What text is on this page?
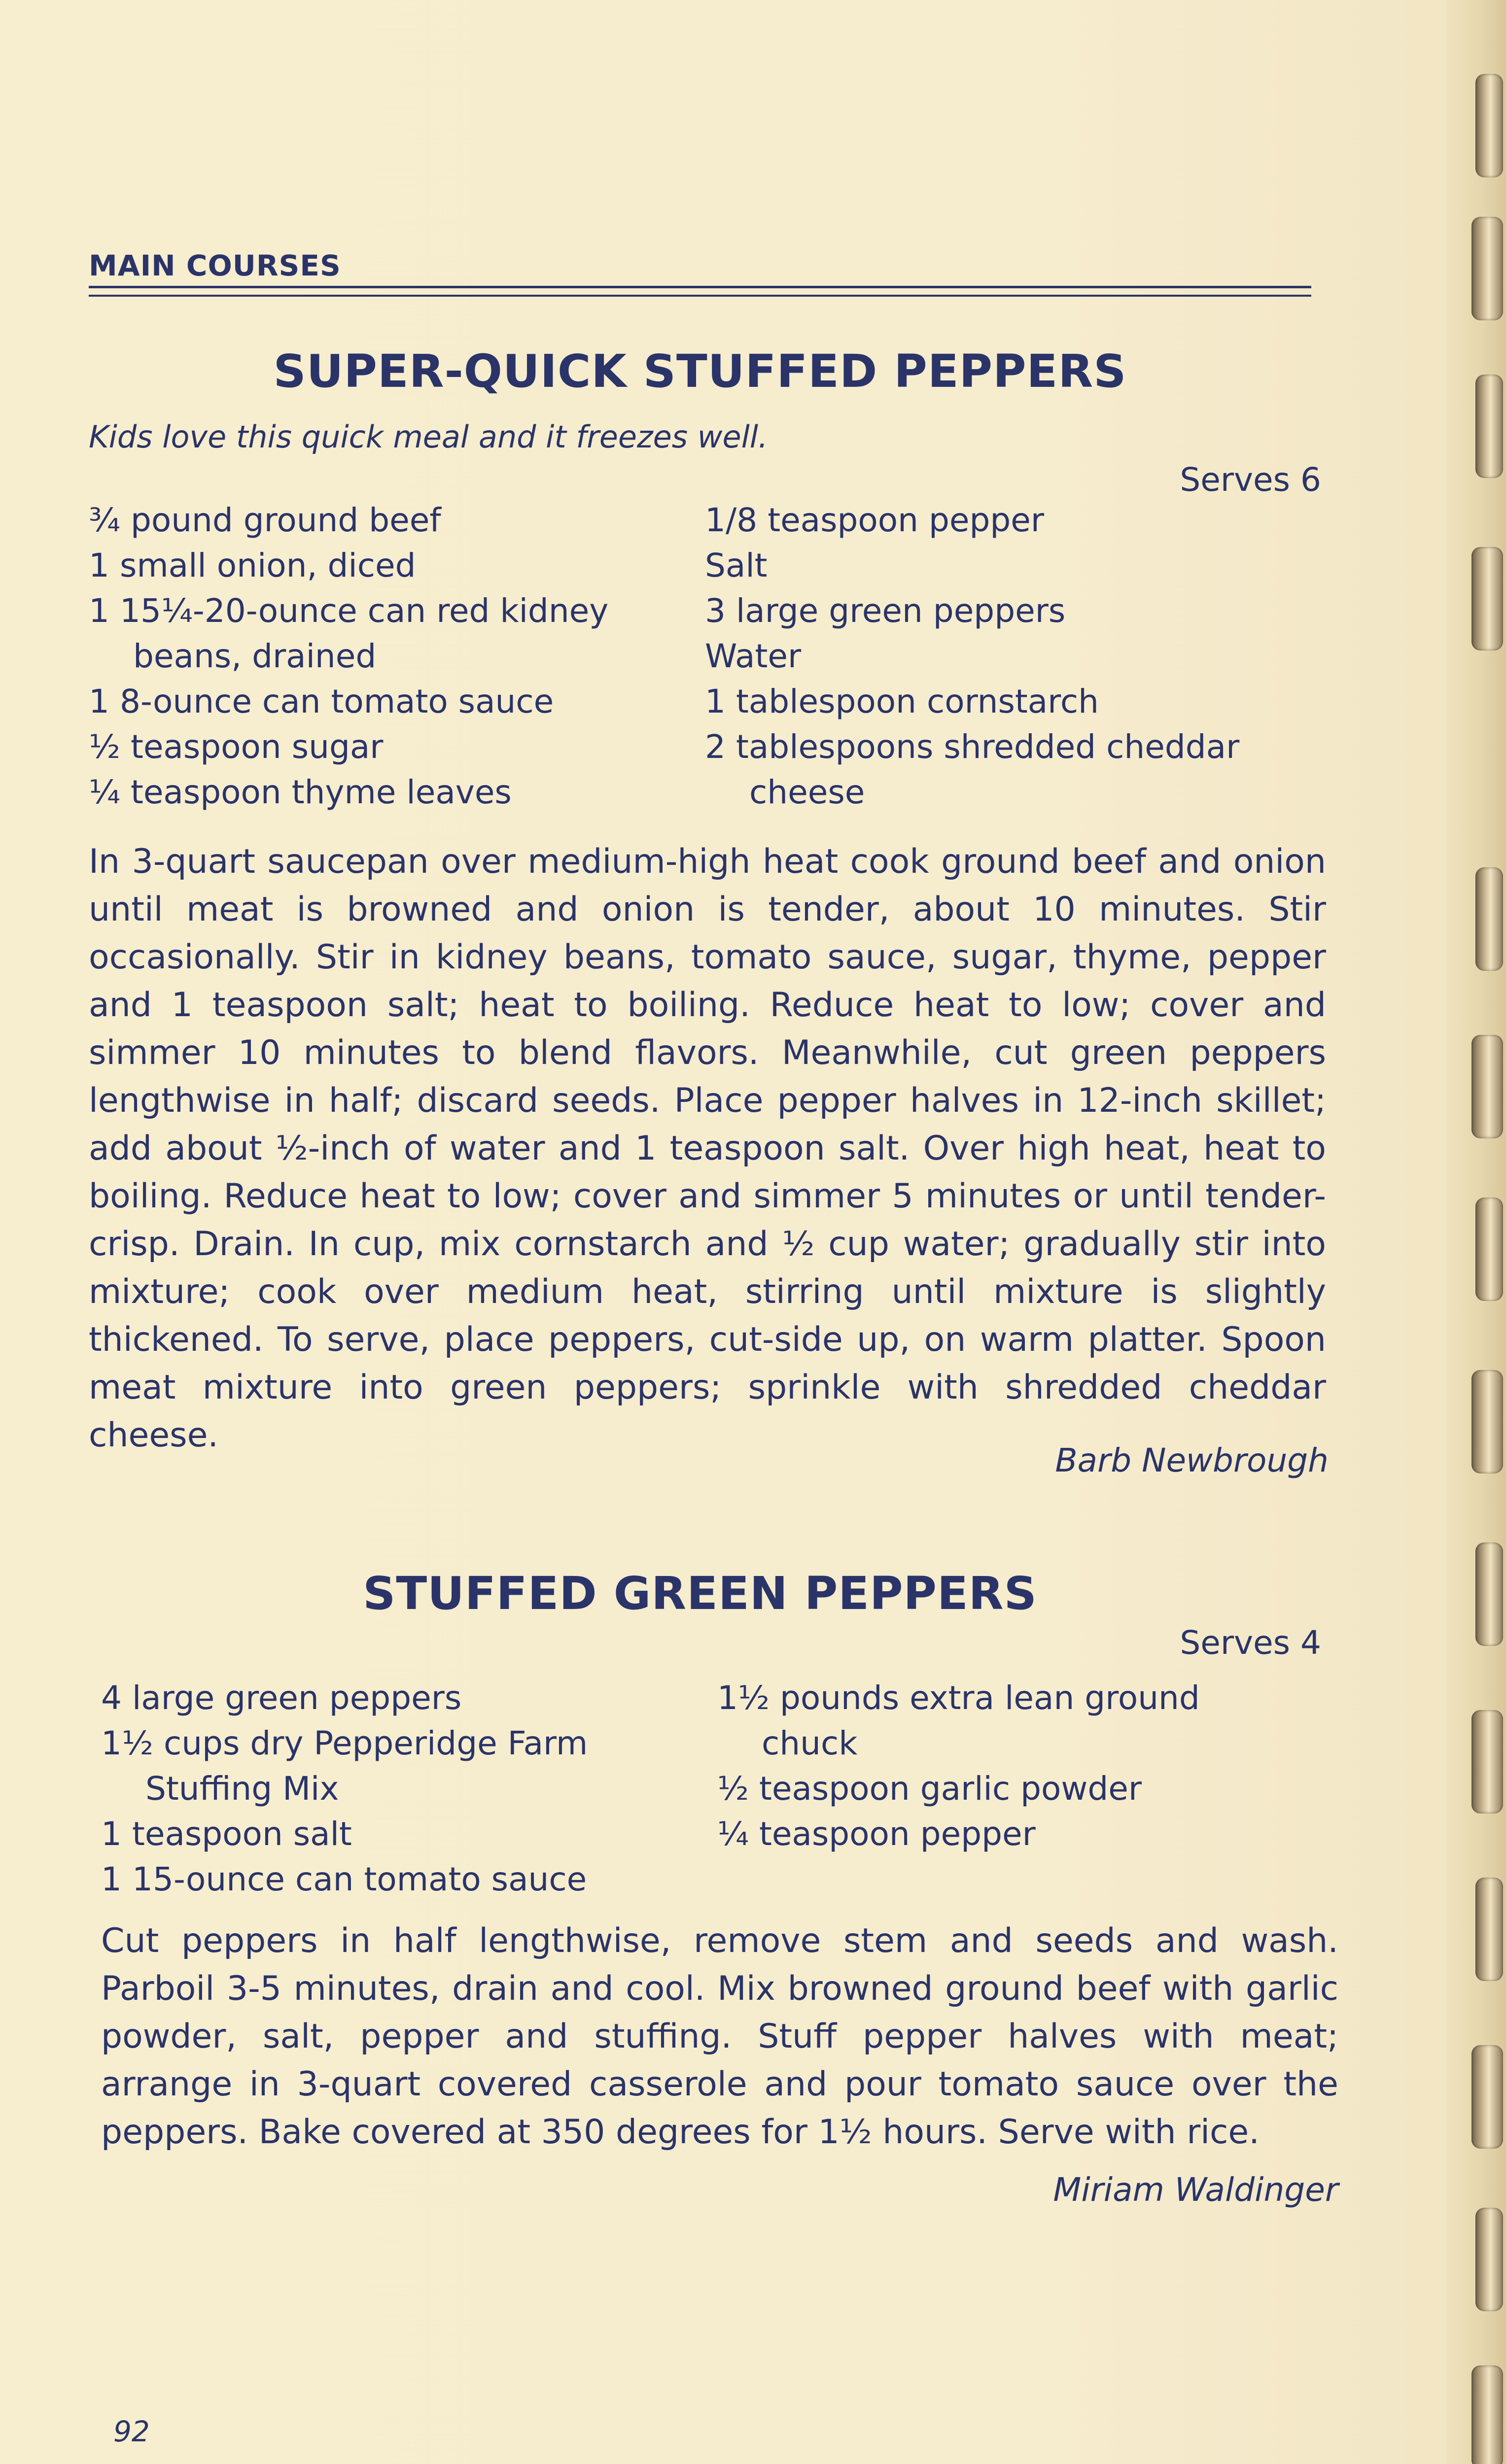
MAIN COURSES
SUPER-QUICK STUFFED PEPPERS
Kids love this quick meal and it freezes well.
Serves 6
¾ pound ground beef
1 small onion, diced
1 15¼-20-ounce can red kidney
beans, drained
1 8-ounce can tomato sauce
½ teaspoon sugar
¼ teaspoon thyme leaves
1/8 teaspoon pepper
Salt
3 large green peppers
Water
1 tablespoon cornstarch
2 tablespoons shredded cheddar
cheese
In 3-quart saucepan over medium-high heat cook ground beef and onion until meat is browned and onion is tender, about 10 minutes. Stir occasionally. Stir in kidney beans, tomato sauce, sugar, thyme, pepper and 1 teaspoon salt; heat to boiling. Reduce heat to low; cover and simmer 10 minutes to blend flavors. Meanwhile, cut green peppers lengthwise in half; discard seeds. Place pepper halves in 12-inch skillet; add about ½-inch of water and 1 teaspoon salt. Over high heat, heat to boiling. Reduce heat to low; cover and simmer 5 minutes or until tender-crisp. Drain. In cup, mix cornstarch and ½ cup water; gradually stir into mixture; cook over medium heat, stirring until mixture is slightly thickened. To serve, place peppers, cut-side up, on warm platter. Spoon meat mixture into green peppers; sprinkle with shredded cheddar cheese.
Barb Newbrough
STUFFED GREEN PEPPERS
Serves 4
4 large green peppers
1½ cups dry Pepperidge Farm
Stuffing Mix
1 teaspoon salt
1 15-ounce can tomato sauce
1½ pounds extra lean ground
chuck
½ teaspoon garlic powder
¼ teaspoon pepper
Cut peppers in half lengthwise, remove stem and seeds and wash. Parboil 3-5 minutes, drain and cool. Mix browned ground beef with garlic powder, salt, pepper and stuffing. Stuff pepper halves with meat; arrange in 3-quart covered casserole and pour tomato sauce over the peppers. Bake covered at 350 degrees for 1½ hours. Serve with rice.
Miriam Waldinger
92
